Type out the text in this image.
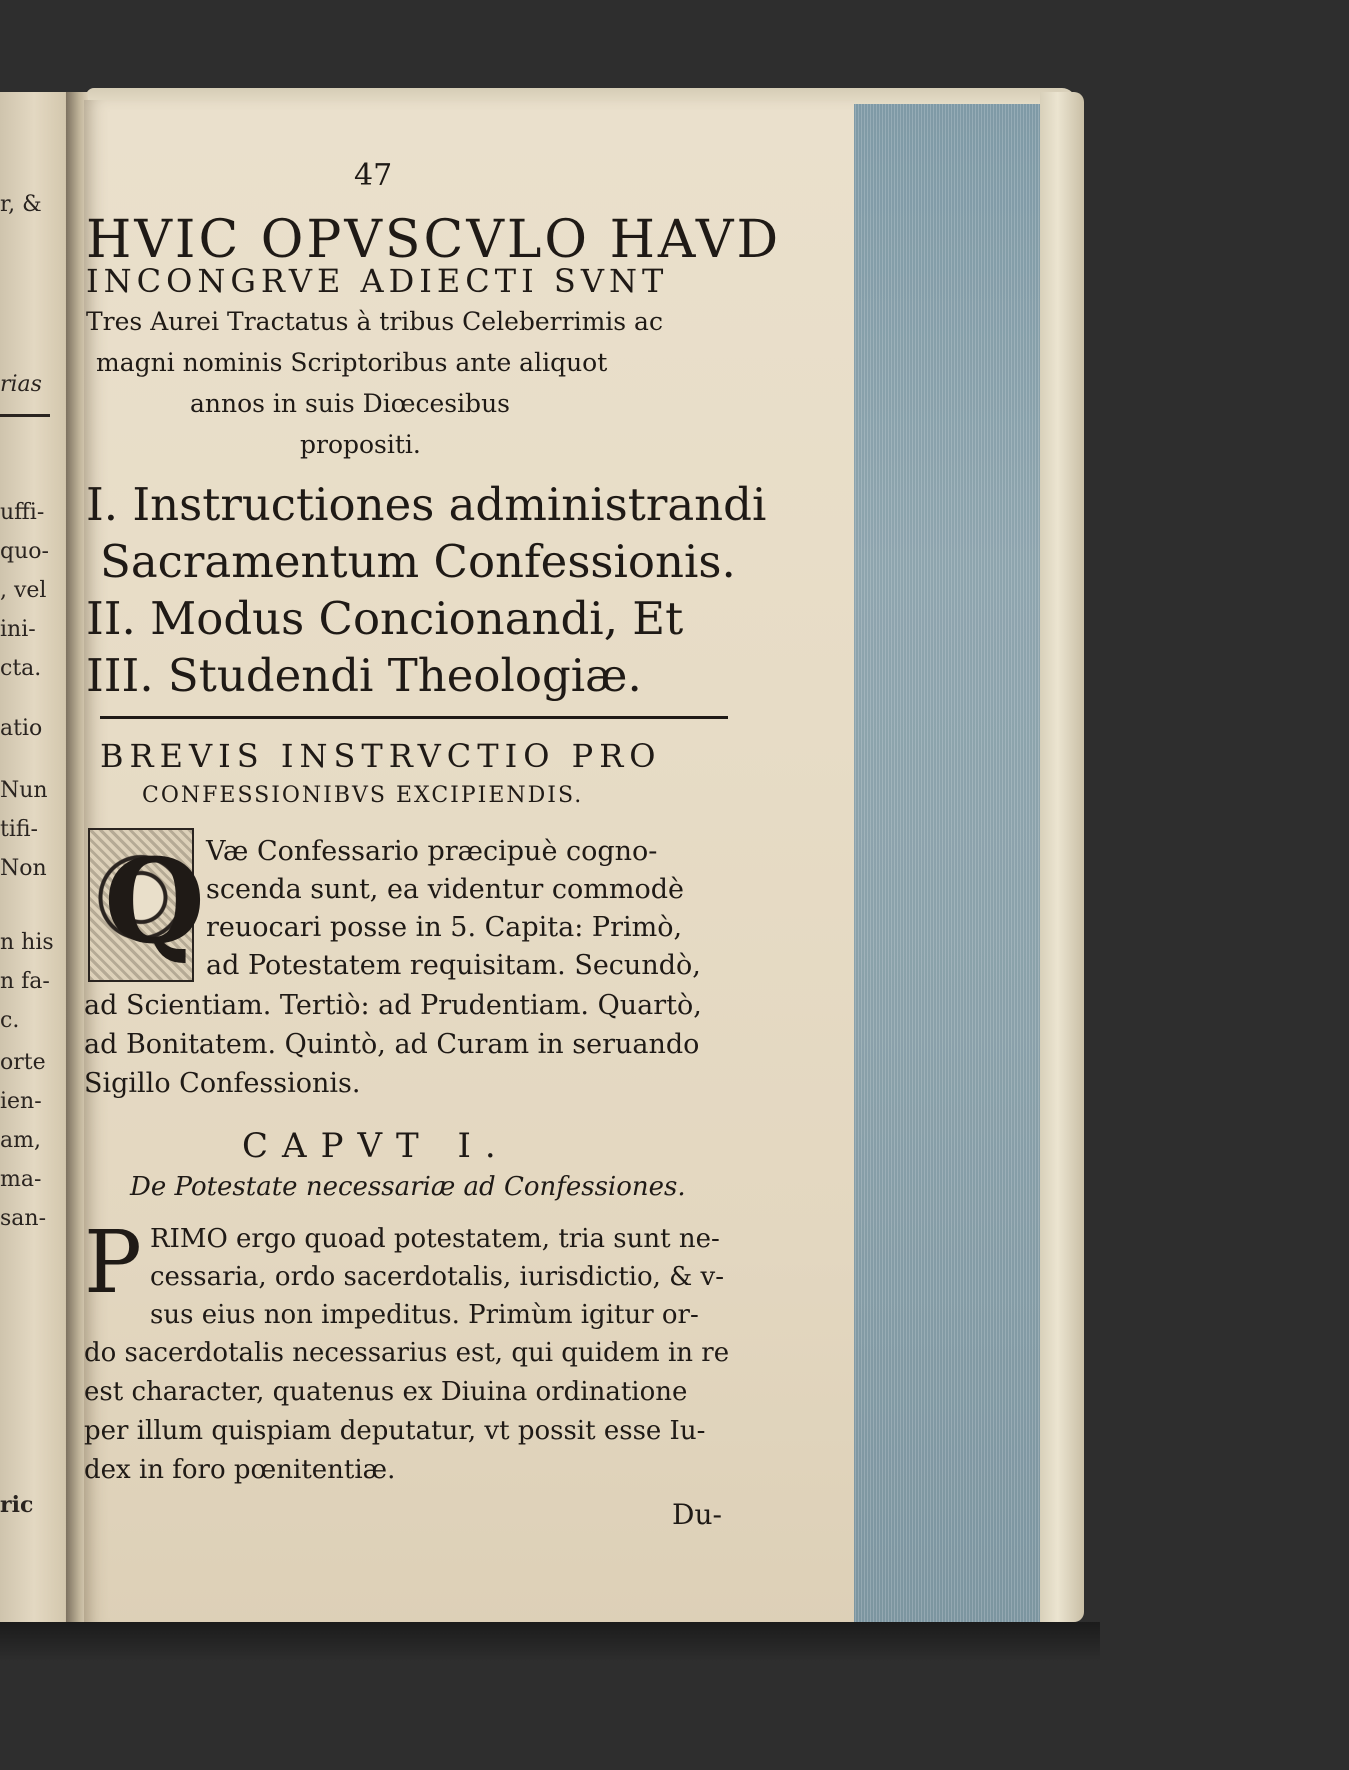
r, &
rias
uffi-
quo-
, vel
ini-
cta.
atio
Nun
tifi-
Non
n his
n fa-
c.
orte
ien-
am,
ma-
san-
ric
47
HVIC OPVSCVLO HAVD
INCONGRVE ADIECTI SVNT
Tres Aurei Tractatus à tribus Celeberrimis ac
magni nominis Scriptoribus ante aliquot
annos in suis Diœcesibus
propositi.
I. Instructiones administrandi
Sacramentum Confessionis.
II. Modus Concionandi, Et
III. Studendi Theologiæ.
BREVIS INSTRVCTIO PRO
CONFESSIONIBVS EXCIPIENDIS.
Q Væ Confessario præcipuè cogno-
scenda sunt, ea videntur commodè
reuocari posse in 5. Capita: Primò,
ad Potestatem requisitam. Secundò,
ad Scientiam. Tertiò: ad Prudentiam. Quartò,
ad Bonitatem. Quintò, ad Curam in seruando
Sigillo Confessionis.
CAPVT I.
De Potestate necessariæ ad Confessiones.
P RIMO ergo quoad potestatem, tria sunt ne-
cessaria, ordo sacerdotalis, iurisdictio, & v-
sus eius non impeditus. Primùm igitur or-
do sacerdotalis necessarius est, qui quidem in re
est character, quatenus ex Diuina ordinatione
per illum quispiam deputatur, vt possit esse Iu-
dex in foro pœnitentiæ.
Du-
